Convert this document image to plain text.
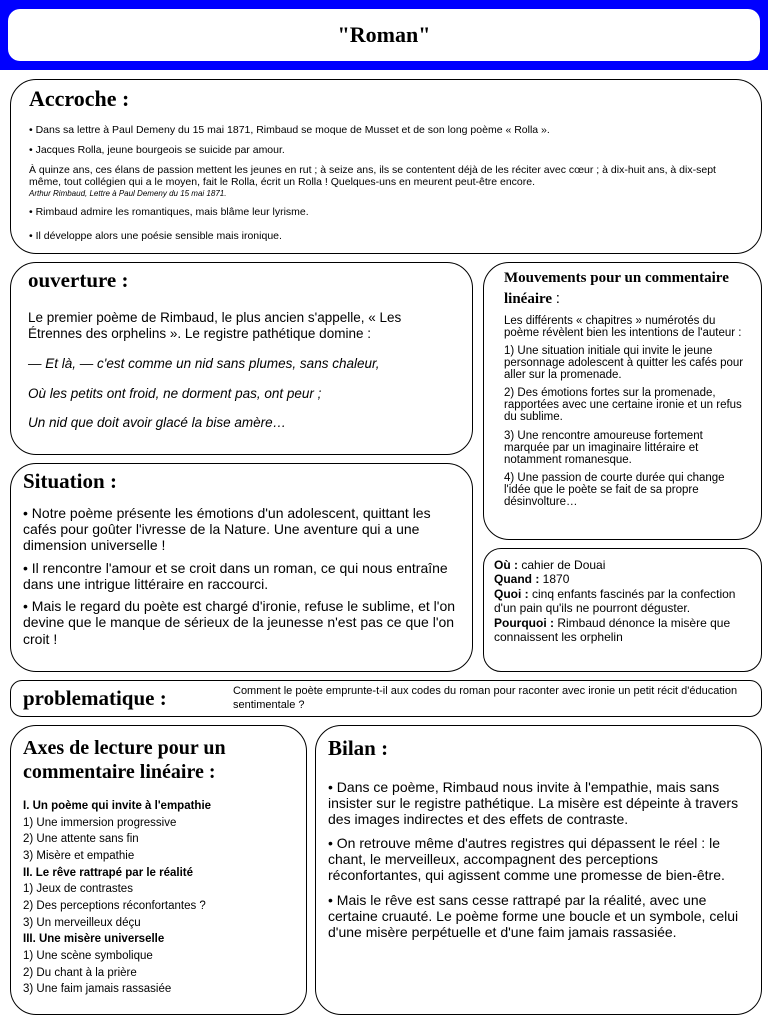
"Roman"
Accroche :

• Dans sa lettre à Paul Demeny du 15 mai 1871, Rimbaud se moque de Musset et de son long poème « Rolla ».

• Jacques Rolla, jeune bourgeois se suicide par amour.

À quinze ans, ces élans de passion mettent les jeunes en rut ; à seize ans, ils se contentent déjà de les réciter avec cœur ; à dix-huit ans, à dix-sept même, tout collégien qui a le moyen, fait le Rolla, écrit un Rolla ! Quelques-uns en meurent peut-être encore.

Arthur Rimbaud, Lettre à Paul Demeny du 15 mai 1871.

• Rimbaud admire les romantiques, mais blâme leur lyrisme.

• Il développe alors une poésie sensible mais ironique.

ouverture :

Le premier poème de Rimbaud, le plus ancien s'appelle, « Les Étrennes des orphelins ». Le registre pathétique domine :

— Et là, — c'est comme un nid sans plumes, sans chaleur,

Où les petits ont froid, ne dorment pas, ont peur ;

Un nid que doit avoir glacé la bise amère…

Mouvements pour un commentaire linéaire :

Les différents « chapitres » numérotés du poème révèlent bien les intentions de l'auteur :

1) Une situation initiale qui invite le jeune personnage adolescent à quitter les cafés pour aller sur la promenade.

2) Des émotions fortes sur la promenade, rapportées avec une certaine ironie et un refus du sublime.

3) Une rencontre amoureuse fortement marquée par un imaginaire littéraire et notamment romanesque.

4) Une passion de courte durée qui change l'idée que le poète se fait de sa propre désinvolture…

Situation :

• Notre poème présente les émotions d'un adolescent, quittant les cafés pour goûter l'ivresse de la Nature. Une aventure qui a une dimension universelle !

• Il rencontre l'amour et se croit dans un roman, ce qui nous entraîne dans une intrigue littéraire en raccourci.

• Mais le regard du poète est chargé d'ironie, refuse le sublime, et l'on devine que le manque de sérieux de la jeunesse n'est pas ce que l'on croit !

Où : cahier de Douai

Quand : 1870

Quoi : cinq enfants fascinés par la confection d'un pain qu'ils ne pourront déguster.

Pourquoi : Rimbaud dénonce la misère que connaissent les orphelin

problematique :	Comment le poète emprunte-t-il aux codes du roman pour raconter avec ironie un petit récit d'éducation sentimentale ?

Axes de lecture pour un commentaire linéaire :
I. Un poème qui invite à l'empathie
1) Une immersion progressive
2) Une attente sans fin
3) Misère et empathie
II. Le rêve rattrapé par le réalité
1) Jeux de contrastes
2) Des perceptions réconfortantes ?
3) Un merveilleux déçu
III. Une misère universelle
1) Une scène symbolique
2) Du chant à la prière
3) Une faim jamais rassasiée
Bilan :

• Dans ce poème, Rimbaud nous invite à l'empathie, mais sans insister sur le registre pathétique. La misère est dépeinte à travers des images indirectes et des effets de contraste.

• On retrouve même d'autres registres qui dépassent le réel : le chant, le merveilleux, accompagnent des perceptions réconfortantes, qui agissent comme une promesse de bien-être.

• Mais le rêve est sans cesse rattrapé par la réalité, avec une certaine cruauté. Le poème forme une boucle et un symbole, celui d'une misère perpétuelle et d'une faim jamais rassasiée.
